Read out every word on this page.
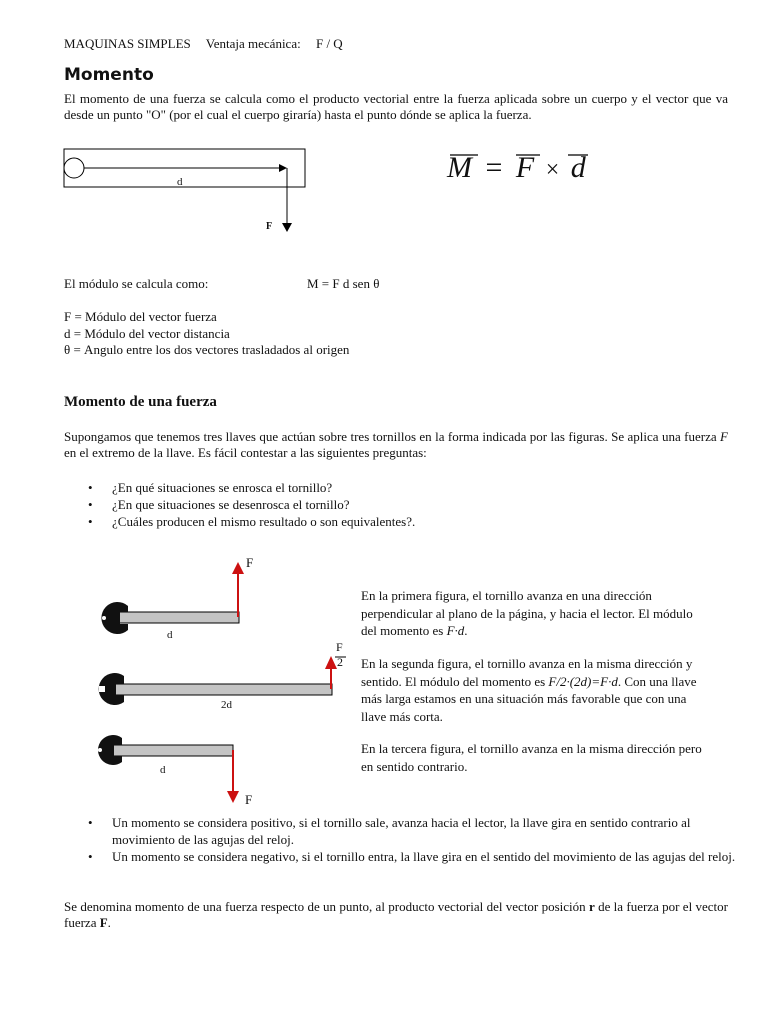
MAQUINAS SIMPLES Ventaja mecánica: F / Q

Momento

El momento de una fuerza se calcula como el producto vectorial entre la fuerza aplicada sobre un cuerpo y el vector que va desde un punto "O" (por el cual el cuerpo giraría) hasta el punto dónde se aplica la fuerza.

d
F
M = F × d
El módulo se calcula como:	M = F d sen θ
F = Módulo del vector fuerza
d = Módulo del vector distancia
θ = Angulo entre los dos vectores trasladados al origen
Momento de una fuerza

Supongamos que tenemos tres llaves que actúan sobre tres tornillos en la forma indicada por las figuras. Se aplica una fuerza F en el extremo de la llave. Es fácil contestar a las siguientes preguntas:

• ¿En qué situaciones se enrosca el tornillo?
• ¿En que situaciones se desenrosca el tornillo?
• ¿Cuáles producen el mismo resultado o son equivalentes?.
F
d
F
2
2d
d
F

En la primera figura, el tornillo avanza en una dirección perpendicular al plano de la página, y hacia el lector. El módulo del momento es F·d.

En la segunda figura, el tornillo avanza en la misma dirección y sentido. El módulo del momento es F/2·(2d)=F·d. Con una llave más larga estamos en una situación más favorable que con una llave más corta.

En la tercera figura, el tornillo avanza en la misma dirección pero en sentido contrario.

• Un momento se considera positivo, si el tornillo sale, avanza hacia el lector, la llave gira en sentido contrario al movimiento de las agujas del reloj.
• Un momento se considera negativo, si el tornillo entra, la llave gira en el sentido del movimiento de las agujas del reloj.

Se denomina momento de una fuerza respecto de un punto, al producto vectorial del vector posición r de la fuerza por el vector fuerza F.
